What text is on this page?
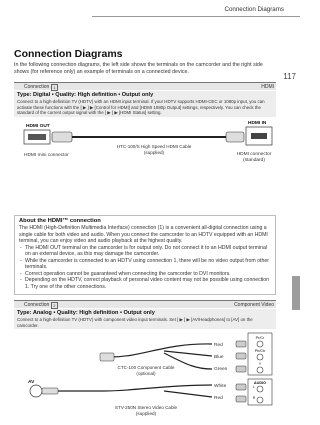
Connection Diagrams
117
Connection Diagrams
In the following connection diagrams, the left side shows the terminals on the camcorder and the right side shows (for reference only) an example of terminals on a connected device.
Connection 1	HDMI
Type: Digital • Quality: High definition • Output only
Connect to a high-definition TV (HDTV) with an HDMI input terminal. If your HDTV supports HDMI-CEC or 1080p input, you can activate these functions with the [ ▶ ] ▶ [Control for HDMI] and [HDMI 1080p Output] settings, respectively. You can check the standard of the current output signal with the [ ▶ ] ▶ [HDMI Status] setting.
HDMI OUT
HDMI IN
HTC-100/S High Speed HDMI Cable
(supplied)
HDMI mini connector	HDMI connector
(standard)
About the HDMI™ connection

The HDMI (High-Definition Multimedia Interface) connection (1) is a convenient all-digital connection using a single cable for both video and audio. When you connect the camcorder to an HDTV equipped with an HDMI terminal, you can enjoy video and audio playback at the highest quality.

- The HDMI OUT terminal on the camcorder is for output only. Do not connect it to an HDMI output terminal on an external device, as this may damage the camcorder.
- While the camcorder is connected to an HDTV using connection 1, there will be no video output from other terminals.
- Correct operation cannot be guaranteed when connecting the camcorder to DVI monitors.
- Depending on the HDTV, correct playback of personal video content may not be possible using connection 1. Try one of the other connections.
Connection 2	Component Video
Type: Analog • Quality: High definition • Output only
Connect to a high-definition TV (HDTV) with component video input terminals. Set [ ▶ ] ▶ [AV/Headphones] to [AV] on the camcorder.
Pr/Cr
Pb/Cb
Y
Red
Blue
Green
CTC-100 Component Cable
(optional)
AV	AUDIO
L
R
White
Red
STV-250N Stereo Video Cable
(supplied)
